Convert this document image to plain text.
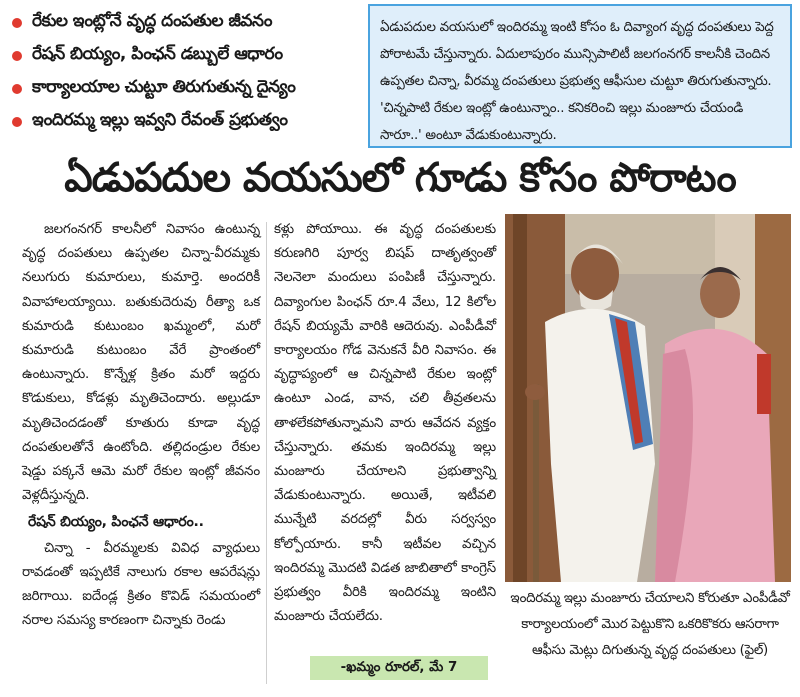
రేకుల ఇంట్లోనే వృద్ధ దంపతుల జీవనం
రేషన్ బియ్యం, పింఛన్ డబ్బులే ఆధారం
కార్యాలయాల చుట్టూ తిరుగుతున్న దైన్యం
ఇందిరమ్మ ఇల్లు ఇవ్వని రేవంత్ ప్రభుత్వం
ఏడుపదుల వయసులో ఇందిరమ్మ ఇంటి కోసం ఓ దివ్యాంగ వృద్ధ దంపతులు పెద్ద పోరాటమే చేస్తున్నారు. ఏదులాపురం మున్సిపాలిటీ జలగంనగర్ కాలనీకి చెందిన ఉప్పతల చిన్నా, వీరమ్మ దంపతులు ప్రభుత్వ ఆఫీసుల చుట్టూ తిరుగుతున్నారు. 'చిన్నపాటి రేకుల ఇంట్లో ఉంటున్నాం.. కనికరించి ఇల్లు మంజూరు చేయండి సారూ..' అంటూ వేడుకుంటున్నారు.
ఏడుపదుల వయసులో గూడు కోసం పోరాటం
జలగంనగర్ కాలనీలో నివాసం ఉంటున్న వృద్ధ దంపతులు ఉప్పతల చిన్నా-వీరమ్మకు నలుగురు కుమారులు, కుమార్తె. అందరికీ వివాహాలయ్యాయి. బతుకుదెరువు రీత్యా ఒక కుమారుడి కుటుంబం ఖమ్మంలో, మరో కుమారుడి కుటుంబం వేరే ప్రాంతంలో ఉంటున్నారు. కొన్నేళ్ల క్రితం మరో ఇద్దరు కొడుకులు, కోడళ్లు మృతిచెందారు. అల్లుడూ మృతిచెందడంతో కూతురు కూడా వృద్ధ దంపతులతోనే ఉంటోంది. తల్లిదండ్రుల రేకుల షెడ్డు పక్కనే ఆమె మరో రేకుల ఇంట్లో జీవనం వెళ్లదీస్తున్నది.
రేషన్ బియ్యం, పింఛనే ఆధారం..
చిన్నా - వీరమ్మలకు వివిధ వ్యాధులు రావడంతో ఇప్పటికే నాలుగు రకాల ఆపరేషన్లు జరిగాయి. ఐదేండ్ల క్రితం కొవిడ్ సమయంలో నరాల సమస్య కారణంగా చిన్నాకు రెండు
కళ్లు పోయాయి. ఈ వృద్ధ దంపతులకు కరుణగిరి పూర్వ బిషప్ దాతృత్వంతో నెలనెలా మందులు పంపిణీ చేస్తున్నారు. దివ్యాంగుల పింఛన్ రూ.4 వేలు, 12 కిలోల రేషన్ బియ్యమే వారికి ఆదెరువు. ఎంపీడీవో కార్యాలయం గోడ వెనుకనే వీరి నివాసం. ఈ వృద్ధాప్యంలో ఆ చిన్నపాటి రేకుల ఇంట్లో ఉంటూ ఎండ, వాన, చలి తీవ్రతలను తాళలేకపోతున్నామని వారు ఆవేదన వ్యక్తం చేస్తున్నారు. తమకు ఇందిరమ్మ ఇల్లు మంజూరు చేయాలని ప్రభుత్వాన్ని వేడుకుంటున్నారు. అయితే, ఇటీవలి మున్నేటి వరదల్లో వీరు సర్వస్వం కోల్పోయారు. కానీ ఇటీవల వచ్చిన ఇందిరమ్మ మొదటి విడత జాబితాలో కాంగ్రెస్ ప్రభుత్వం వీరికి ఇందిరమ్మ ఇంటిని మంజూరు చేయలేదు.
-ఖమ్మం రూరల్, మే 7
ఇందిరమ్మ ఇల్లు మంజూరు చేయాలని కోరుతూ ఎంపీడీవో కార్యాలయంలో మొర పెట్టుకొని ఒకరికొకరు ఆసరాగా ఆఫీసు మెట్లు దిగుతున్న వృద్ధ దంపతులు (ఫైల్)
